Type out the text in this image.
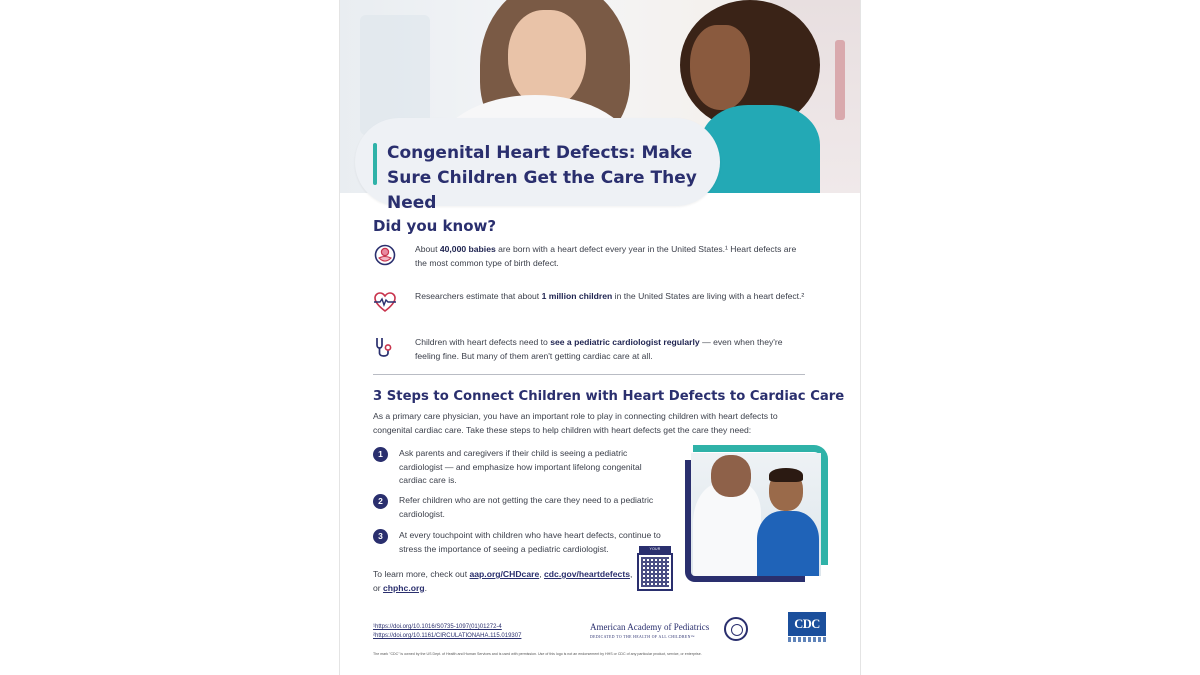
Congenital Heart Defects: Make Sure Children Get the Care They Need
Did you know?
About 40,000 babies are born with a heart defect every year in the United States.¹ Heart defects are the most common type of birth defect.
Researchers estimate that about 1 million children in the United States are living with a heart defect.²
Children with heart defects need to see a pediatric cardiologist regularly — even when they're feeling fine. But many of them aren't getting cardiac care at all.
3 Steps to Connect Children with Heart Defects to Cardiac Care

As a primary care physician, you have an important role to play in connecting children with heart defects to congenital cardiac care. Take these steps to help children with heart defects get the care they need:

1	Ask parents and caregivers if their child is seeing a pediatric cardiologist — and emphasize how important lifelong congenital cardiac care is.
2	Refer children who are not getting the care they need to a pediatric cardiologist.
3	At every touchpoint with children who have heart defects, continue to stress the importance of seeing a pediatric cardiologist.

To learn more, check out aap.org/CHDcare, cdc.gov/heartdefects, or chphc.org.

YOUR
¹https://doi.org/10.1016/S0735-1097(01)01272-4
²https://doi.org/10.1161/CIRCULATIONAHA.115.019307
American Academy of Pediatrics
DEDICATED TO THE HEALTH OF ALL CHILDREN™
CDC
The mark "CDC" is owned by the US Dept. of Health and Human Services and is used with permission. Use of this logo is not an endorsement by HHS or CDC of any particular product, service, or enterprise.
